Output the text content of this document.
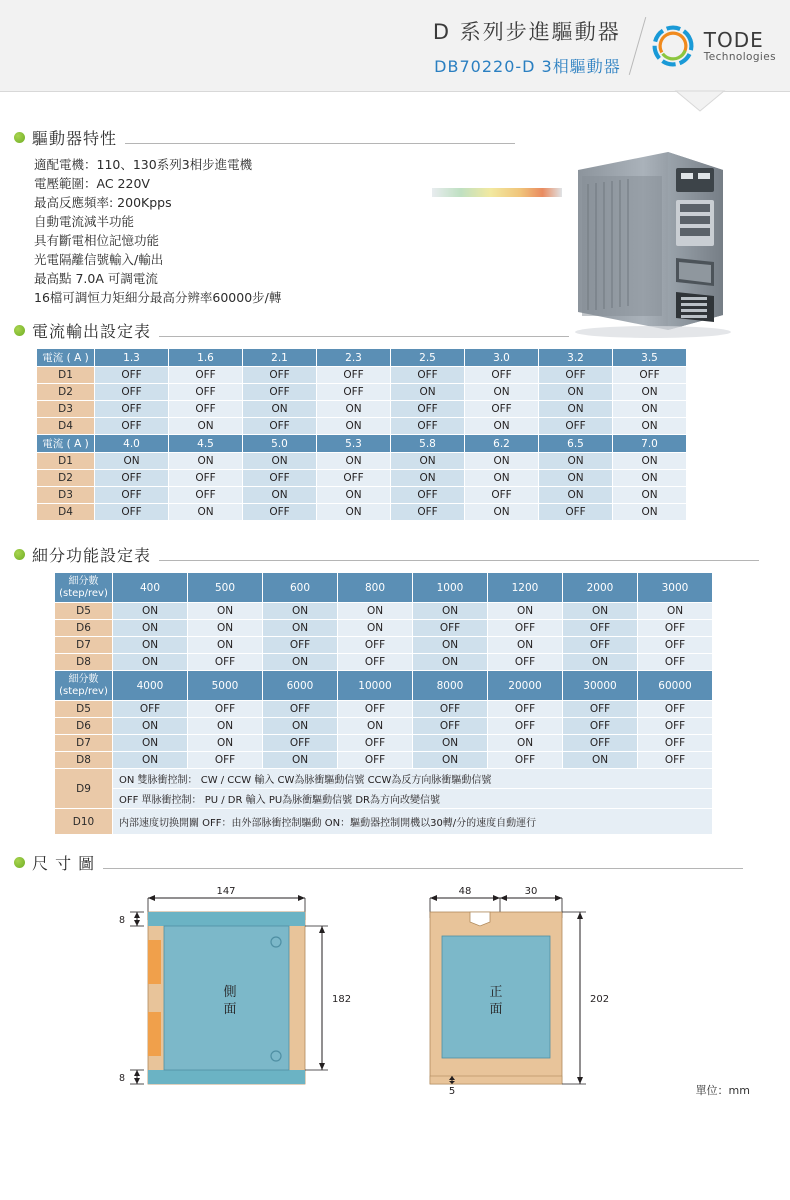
D 系列步進驅動器
DB70220-D 3相驅動器
TODE
Technologies
驅動器特性
適配電機：110、130系列3相步進電機
電壓範圍：AC 220V
最高反應頻率: 200Kpps
自動電流減半功能
具有斷電相位記憶功能
光電隔離信號輸入/輸出
最高點 7.0A 可調電流
16檔可調恒力矩細分最高分辨率60000步/轉
電流輸出設定表
電流 ( A )	1.3	1.6	2.1	2.3	2.5	3.0	3.2	3.5
D1	OFF	OFF	OFF	OFF	OFF	OFF	OFF	OFF
D2	OFF	OFF	OFF	OFF	ON	ON	ON	ON
D3	OFF	OFF	ON	ON	OFF	OFF	ON	ON
D4	OFF	ON	OFF	ON	OFF	ON	OFF	ON
電流 ( A )	4.0	4.5	5.0	5.3	5.8	6.2	6.5	7.0
D1	ON	ON	ON	ON	ON	ON	ON	ON
D2	OFF	OFF	OFF	OFF	ON	ON	ON	ON
D3	OFF	OFF	ON	ON	OFF	OFF	ON	ON
D4	OFF	ON	OFF	ON	OFF	ON	OFF	ON
細分功能設定表
細分數
(step/rev)	400	500	600	800	1000	1200	2000	3000
D5	ON	ON	ON	ON	ON	ON	ON	ON
D6	ON	ON	ON	ON	OFF	OFF	OFF	OFF
D7	ON	ON	OFF	OFF	ON	ON	OFF	OFF
D8	ON	OFF	ON	OFF	ON	OFF	ON	OFF

細分數
(step/rev)	4000	5000	6000	10000	8000	20000	30000	60000
D5	OFF	OFF	OFF	OFF	OFF	OFF	OFF	OFF
D6	ON	ON	ON	ON	OFF	OFF	OFF	OFF
D7	ON	ON	OFF	OFF	ON	ON	OFF	OFF
D8	ON	OFF	ON	OFF	ON	OFF	ON	OFF
D9	ON 雙脉衝控制： CW / CCW 輸入 CW為脉衝驅動信號 CCW為反方向脉衝驅動信號							
	OFF 單脉衝控制： PU / DR 輸入 PU為脉衝驅動信號 DR為方向改變信號							
D10	内部速度切换開關 OFF：由外部脉衝控制驅動 ON：驅動器控制開機以30轉/分的速度自動運行							
尺 寸 圖
側
面
8
8
182
147	48	30
正
面
202
5	單位：mm
